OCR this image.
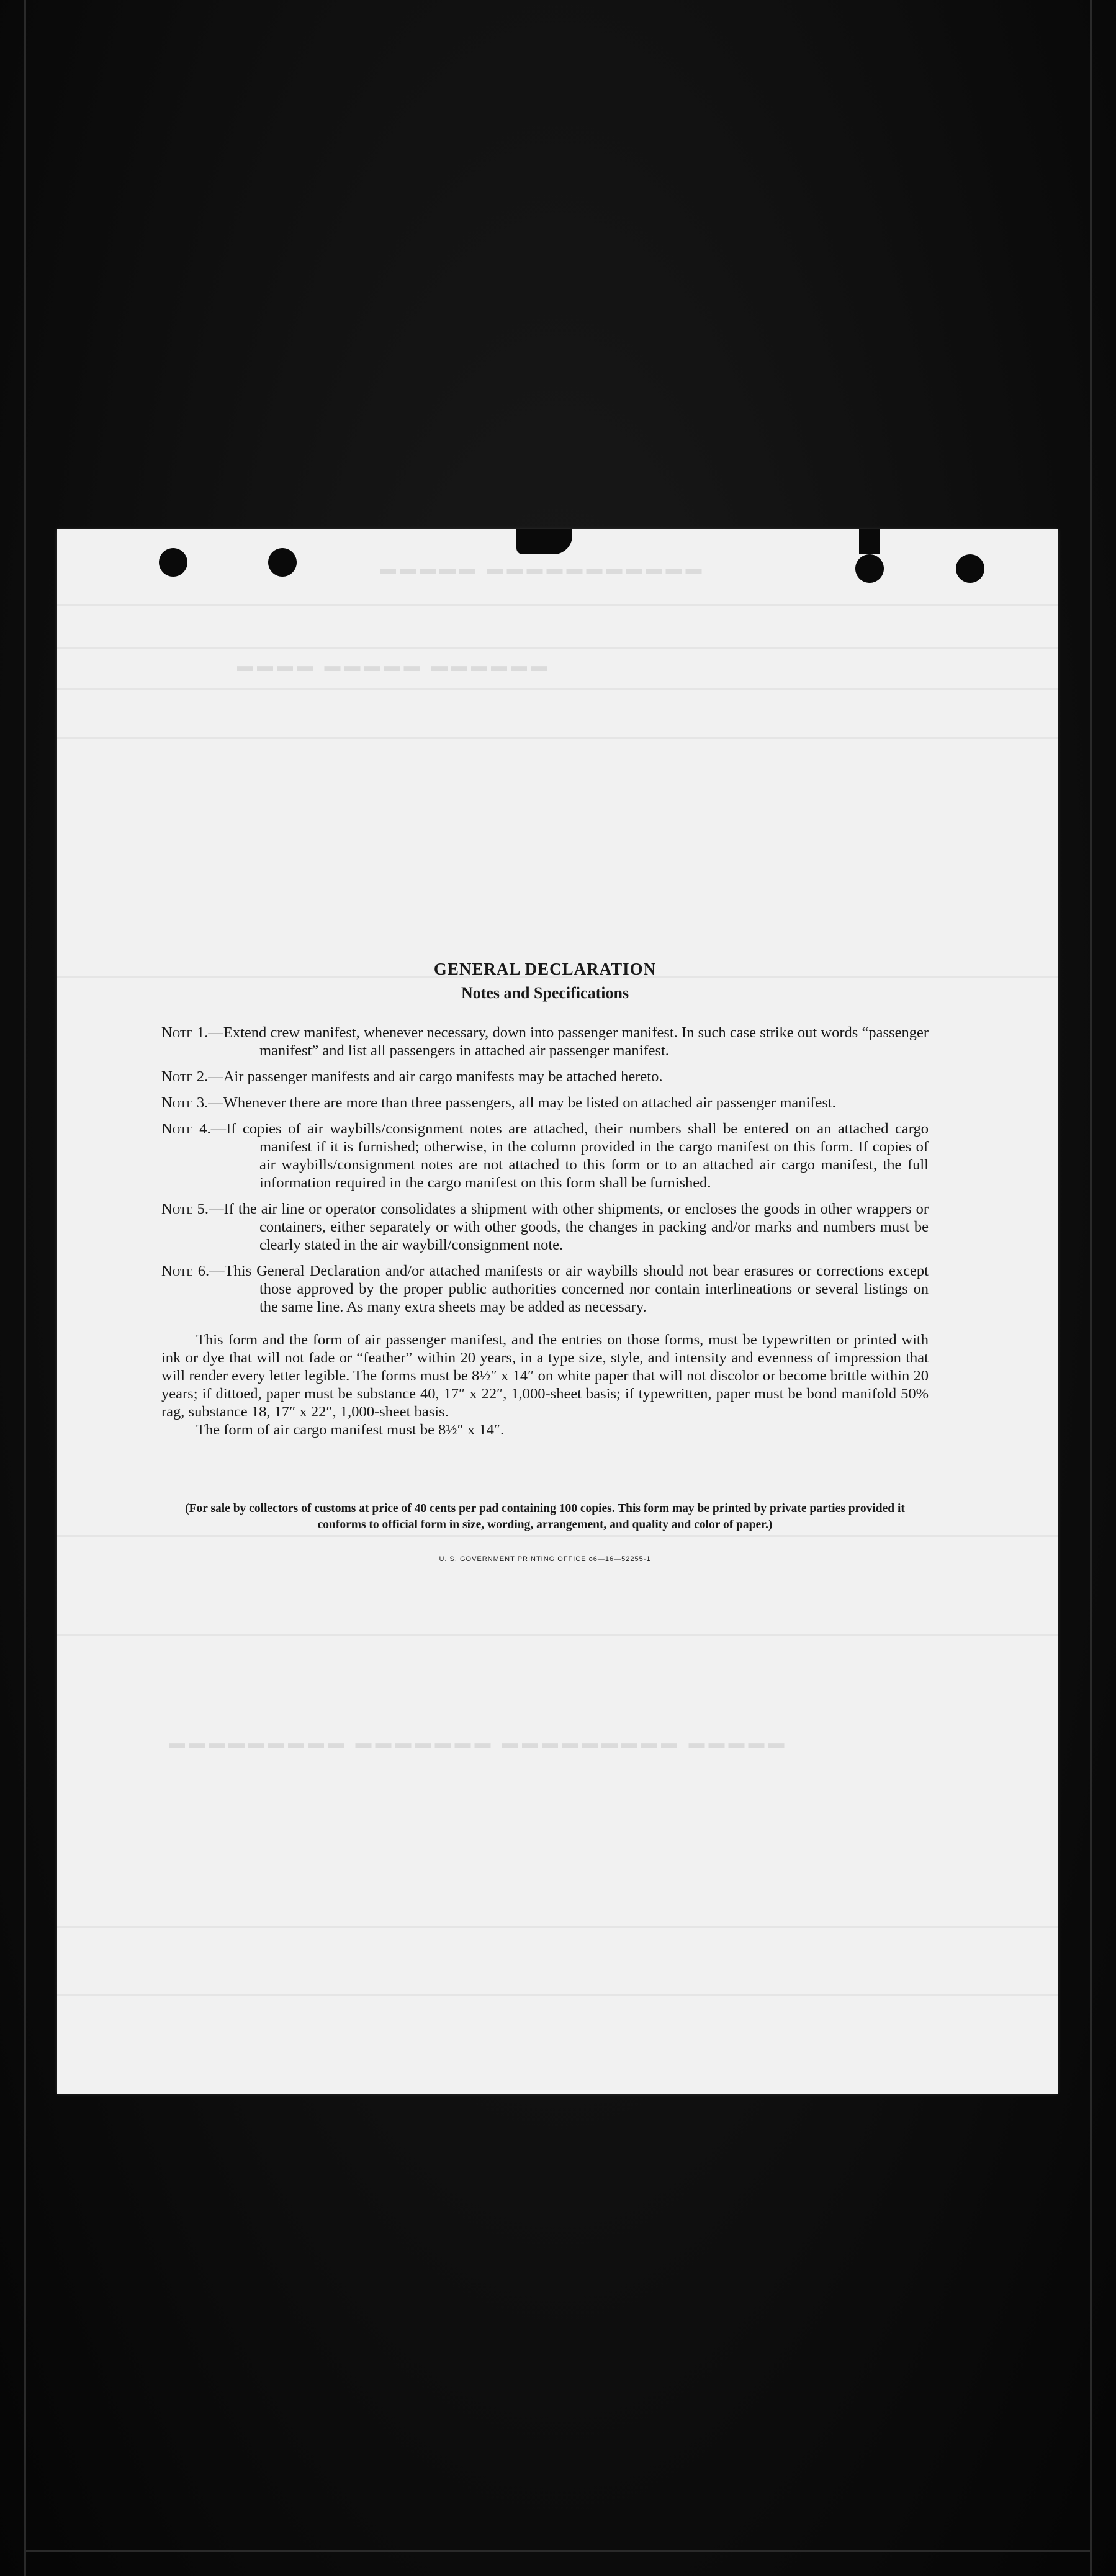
▬▬▬▬▬ ▬▬▬▬▬▬▬▬▬▬▬
▬▬▬▬ ▬▬▬▬▬ ▬▬▬▬▬▬
▬▬▬▬▬▬▬▬▬ ▬▬▬▬▬▬▬ ▬▬▬▬▬▬▬▬▬ ▬▬▬▬▬

GENERAL DECLARATION

Notes and Specifications

Note 1.—Extend crew manifest, whenever necessary, down into passenger manifest. In such case strike out words “passenger manifest” and list all passengers in attached air passenger manifest.

Note 2.—Air passenger manifests and air cargo manifests may be attached hereto.

Note 3.—Whenever there are more than three passengers, all may be listed on attached air passenger manifest.

Note 4.—If copies of air waybills/consignment notes are attached, their numbers shall be entered on an attached cargo manifest if it is furnished; otherwise, in the column provided in the cargo manifest on this form. If copies of air waybills/consignment notes are not attached to this form or to an attached air cargo manifest, the full information required in the cargo manifest on this form shall be furnished.

Note 5.—If the air line or operator consolidates a shipment with other shipments, or encloses the goods in other wrappers or containers, either separately or with other goods, the changes in packing and/or marks and numbers must be clearly stated in the air waybill/consignment note.

Note 6.—This General Declaration and/or attached manifests or air waybills should not bear erasures or corrections except those approved by the proper public authorities concerned nor contain interlineations or several listings on the same line. As many extra sheets may be added as necessary.

This form and the form of air passenger manifest, and the entries on those forms, must be typewritten or printed with ink or dye that will not fade or “feather” within 20 years, in a type size, style, and intensity and evenness of impression that will render every letter legible. The forms must be 8½″ x 14″ on white paper that will not discolor or become brittle within 20 years; if dittoed, paper must be substance 40, 17″ x 22″, 1,000-sheet basis; if typewritten, paper must be bond manifold 50% rag, substance 18, 17″ x 22″, 1,000-sheet basis.

The form of air cargo manifest must be 8½″ x 14″.

(For sale by collectors of customs at price of 40 cents per pad containing 100 copies. This form may be printed by private parties provided it conforms to official form in size, wording, arrangement, and quality and color of paper.)

U. S. GOVERNMENT PRINTING OFFICE o6—16—52255-1
